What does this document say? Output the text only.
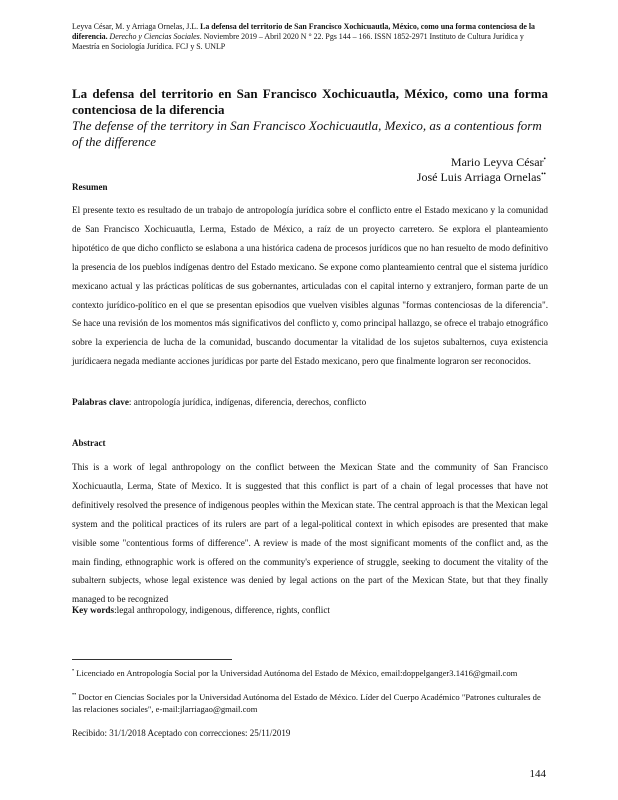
Leyva César, M. y Arriaga Ornelas, J.L. La defensa del territorio de San Francisco Xochicuautla, México, como una forma contenciosa de la diferencia. Derecho y Ciencias Sociales. Noviembre 2019 – Abril 2020 N ° 22. Pgs 144 – 166. ISSN 1852-2971 Instituto de Cultura Jurídica y Maestría en Sociología Jurídica. FCJ y S. UNLP
La defensa del territorio en San Francisco Xochicuautla, México, como una forma contenciosa de la diferencia
The defense of the territory in San Francisco Xochicuautla, Mexico, as a contentious form of the difference
Mario Leyva César•
José Luis Arriaga Ornelas••
Resumen
El presente texto es resultado de un trabajo de antropología jurídica sobre el conflicto entre el Estado mexicano y la comunidad de San Francisco Xochicuautla, Lerma, Estado de México, a raíz de un proyecto carretero. Se explora el planteamiento hipotético de que dicho conflicto se eslabona a una histórica cadena de procesos jurídicos que no han resuelto de modo definitivo la presencia de los pueblos indígenas dentro del Estado mexicano. Se expone como planteamiento central que el sistema jurídico mexicano actual y las prácticas políticas de sus gobernantes, articuladas con el capital interno y extranjero, forman parte de un contexto jurídico-político en el que se presentan episodios que vuelven visibles algunas "formas contenciosas de la diferencia". Se hace una revisión de los momentos más significativos del conflicto y, como principal hallazgo, se ofrece el trabajo etnográfico sobre la experiencia de lucha de la comunidad, buscando documentar la vitalidad de los sujetos subalternos, cuya existencia jurídicaera negada mediante acciones jurídicas por parte del Estado mexicano, pero que finalmente lograron ser reconocidos.
Palabras clave: antropología jurídica, indígenas, diferencia, derechos, conflicto
Abstract
This is a work of legal anthropology on the conflict between the Mexican State and the community of San Francisco Xochicuautla, Lerma, State of Mexico. It is suggested that this conflict is part of a chain of legal processes that have not definitively resolved the presence of indigenous peoples within the Mexican state. The central approach is that the Mexican legal system and the political practices of its rulers are part of a legal-political context in which episodes are presented that make visible some "contentious forms of difference". A review is made of the most significant moments of the conflict and, as the main finding, ethnographic work is offered on the community's experience of struggle, seeking to document the vitality of the subaltern subjects, whose legal existence was denied by legal actions on the part of the Mexican State, but that they finally managed to be recognized
Key words:legal anthropology, indigenous, difference, rights, conflict
• Licenciado en Antropología Social por la Universidad Autónoma del Estado de México, email:doppelganger3.1416@gmail.com
•• Doctor en Ciencias Sociales por la Universidad Autónoma del Estado de México. Líder del Cuerpo Académico "Patrones culturales de las relaciones sociales", e-mail:jlarriagao@gmail.com
Recibido: 31/1/2018 Aceptado con correcciones: 25/11/2019
144
